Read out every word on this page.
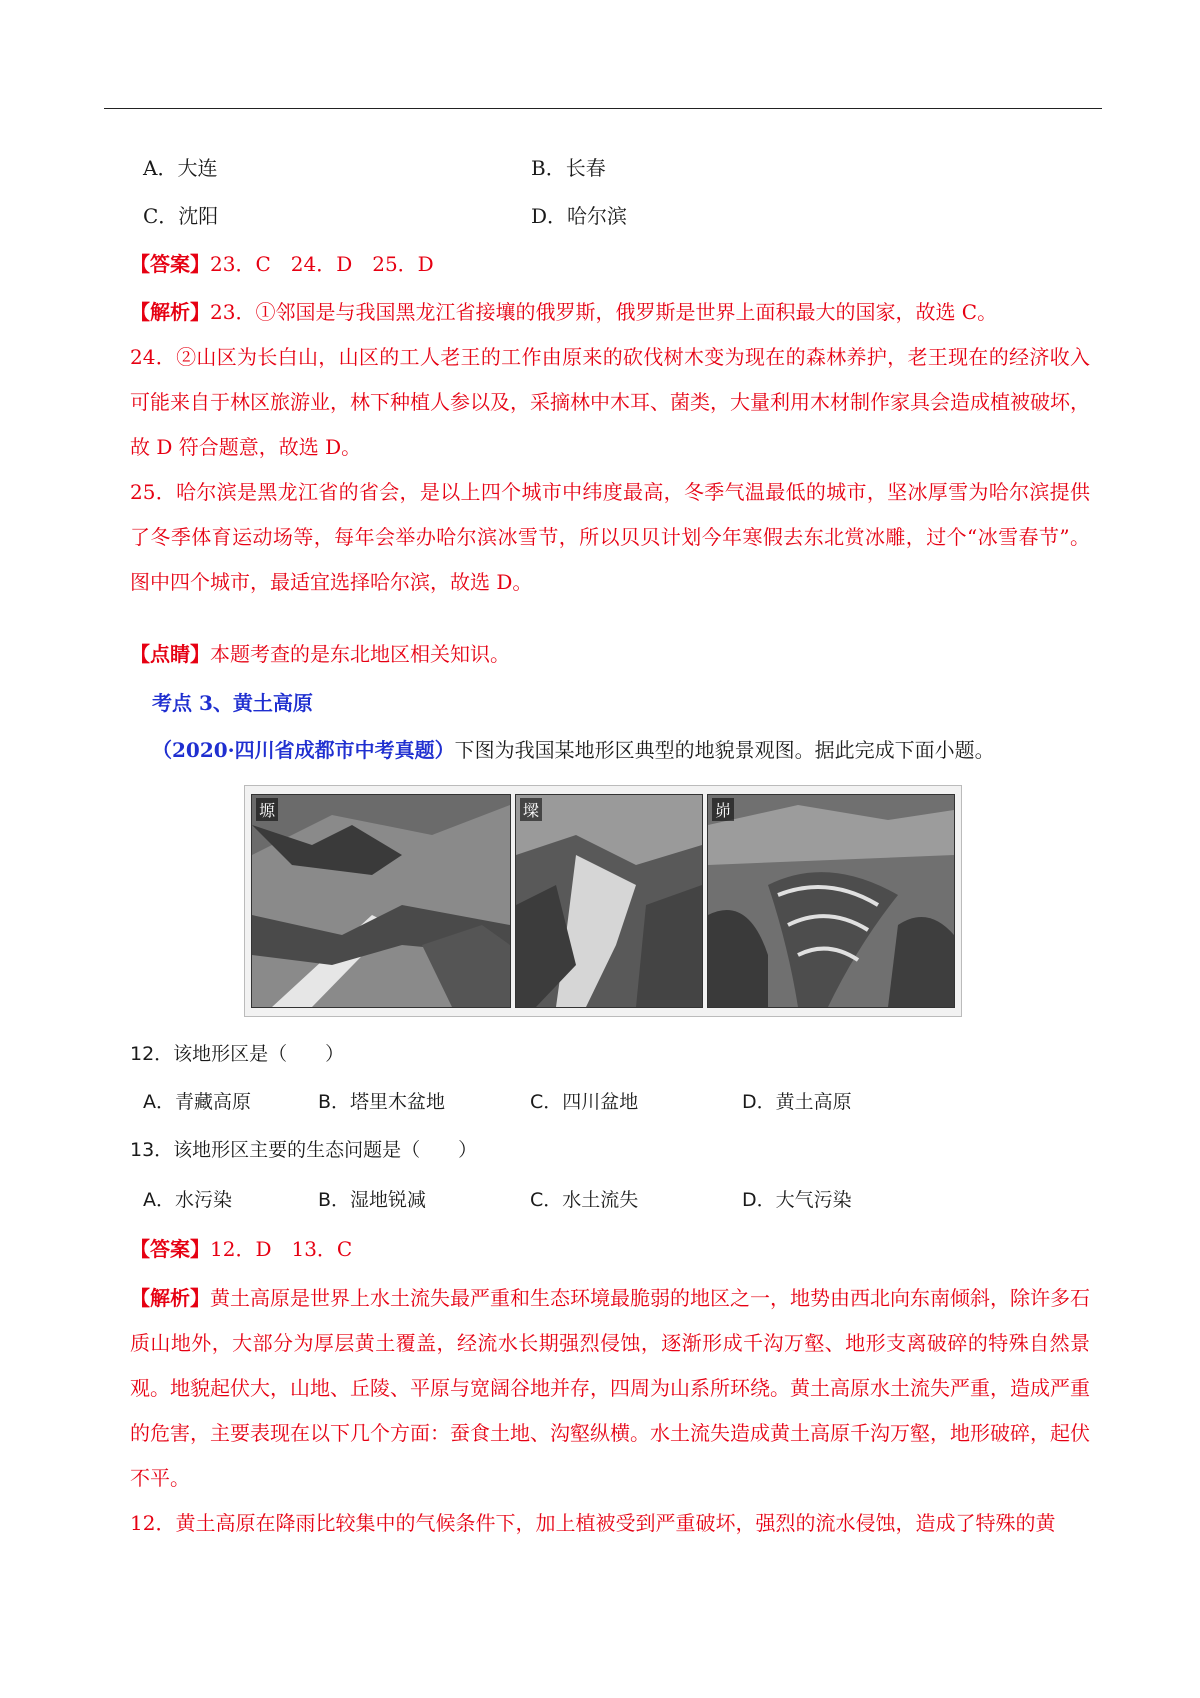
A．大连	B．长春
C．沈阳	D．哈尔滨
【答案】23．C　24．D　25．D
【解析】23．①邻国是与我国黑龙江省接壤的俄罗斯，俄罗斯是世界上面积最大的国家，故选 C。
24．②山区为长白山，山区的工人老王的工作由原来的砍伐树木变为现在的森林养护，老王现在的经济收入可能来自于林区旅游业，林下种植人参以及，采摘林中木耳、菌类，大量利用木材制作家具会造成植被破坏，故 D 符合题意，故选 D。
25．哈尔滨是黑龙江省的省会，是以上四个城市中纬度最高，冬季气温最低的城市，坚冰厚雪为哈尔滨提供了冬季体育运动场等，每年会举办哈尔滨冰雪节，所以贝贝计划今年寒假去东北赏冰雕，过个“冰雪春节”。图中四个城市，最适宜选择哈尔滨，故选 D。
【点睛】本题考查的是东北地区相关知识。
考点 3、黄土高原
（2020·四川省成都市中考真题）下图为我国某地形区典型的地貌景观图。据此完成下面小题。
塬	墚	峁
12．该地形区是（　　）
A．青藏高原	B．塔里木盆地	C．四川盆地	D．黄土高原
13．该地形区主要的生态问题是（　　）
A．水污染	B．湿地锐减	C．水土流失	D．大气污染
【答案】12．D　13．C
【解析】黄土高原是世界上水土流失最严重和生态环境最脆弱的地区之一，地势由西北向东南倾斜，除许多石质山地外，大部分为厚层黄土覆盖，经流水长期强烈侵蚀，逐渐形成千沟万壑、地形支离破碎的特殊自然景观。地貌起伏大，山地、丘陵、平原与宽阔谷地并存，四周为山系所环绕。黄土高原水土流失严重，造成严重的危害，主要表现在以下几个方面：蚕食土地、沟壑纵横。水土流失造成黄土高原千沟万壑，地形破碎，起伏不平。
12．黄土高原在降雨比较集中的气候条件下，加上植被受到严重破坏，强烈的流水侵蚀，造成了特殊的黄
